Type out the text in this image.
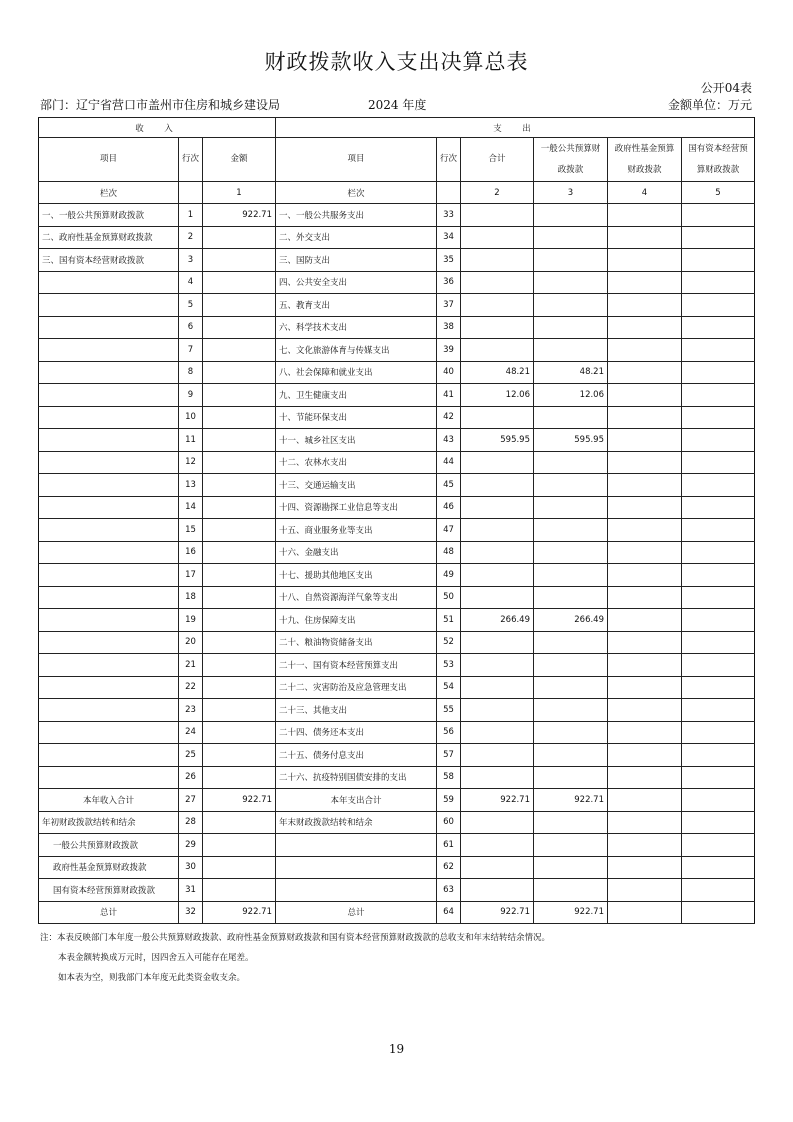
财政拨款收入支出决算总表
公开04表
部门：辽宁省营口市盖州市住房和城乡建设局	2024 年度	金额单位：万元
收　入			支　出					
项目	行次	金额	项目	行次	合计	一般公共预算财政拨款	政府性基金预算财政拨款	国有资本经营预算财政拨款
栏次		1	栏次		2	3	4	5
一、一般公共预算财政拨款	1	922.71	一、一般公共服务支出	33				
二、政府性基金预算财政拨款	2		二、外交支出	34				
三、国有资本经营财政拨款	3		三、国防支出	35				
	4		四、公共安全支出	36				
	5		五、教育支出	37				
	6		六、科学技术支出	38				
	7		七、文化旅游体育与传媒支出	39				
	8		八、社会保障和就业支出	40	48.21	48.21		
	9		九、卫生健康支出	41	12.06	12.06		
	10		十、节能环保支出	42				
	11		十一、城乡社区支出	43	595.95	595.95		
	12		十二、农林水支出	44				
	13		十三、交通运输支出	45				
	14		十四、资源勘探工业信息等支出	46				
	15		十五、商业服务业等支出	47				
	16		十六、金融支出	48				
	17		十七、援助其他地区支出	49				
	18		十八、自然资源海洋气象等支出	50				
	19		十九、住房保障支出	51	266.49	266.49		
	20		二十、粮油物资储备支出	52				
	21		二十一、国有资本经营预算支出	53				
	22		二十二、灾害防治及应急管理支出	54				
	23		二十三、其他支出	55				
	24		二十四、债务还本支出	56				
	25		二十五、债务付息支出	57				
	26		二十六、抗疫特别国债安排的支出	58				
本年收入合计	27	922.71	本年支出合计	59	922.71	922.71		
年初财政拨款结转和结余	28		年末财政拨款结转和结余	60				
一般公共预算财政拨款	29			61				
政府性基金预算财政拨款	30			62				
国有资本经营预算财政拨款	31			63				
总计	32	922.71	总计	64	922.71	922.71		
注：本表反映部门本年度一般公共预算财政拨款、政府性基金预算财政拨款和国有资本经营预算财政拨款的总收支和年末结转结余情况。
本表金额转换成万元时，因四舍五入可能存在尾差。
如本表为空，则我部门本年度无此类资金收支余。
19
